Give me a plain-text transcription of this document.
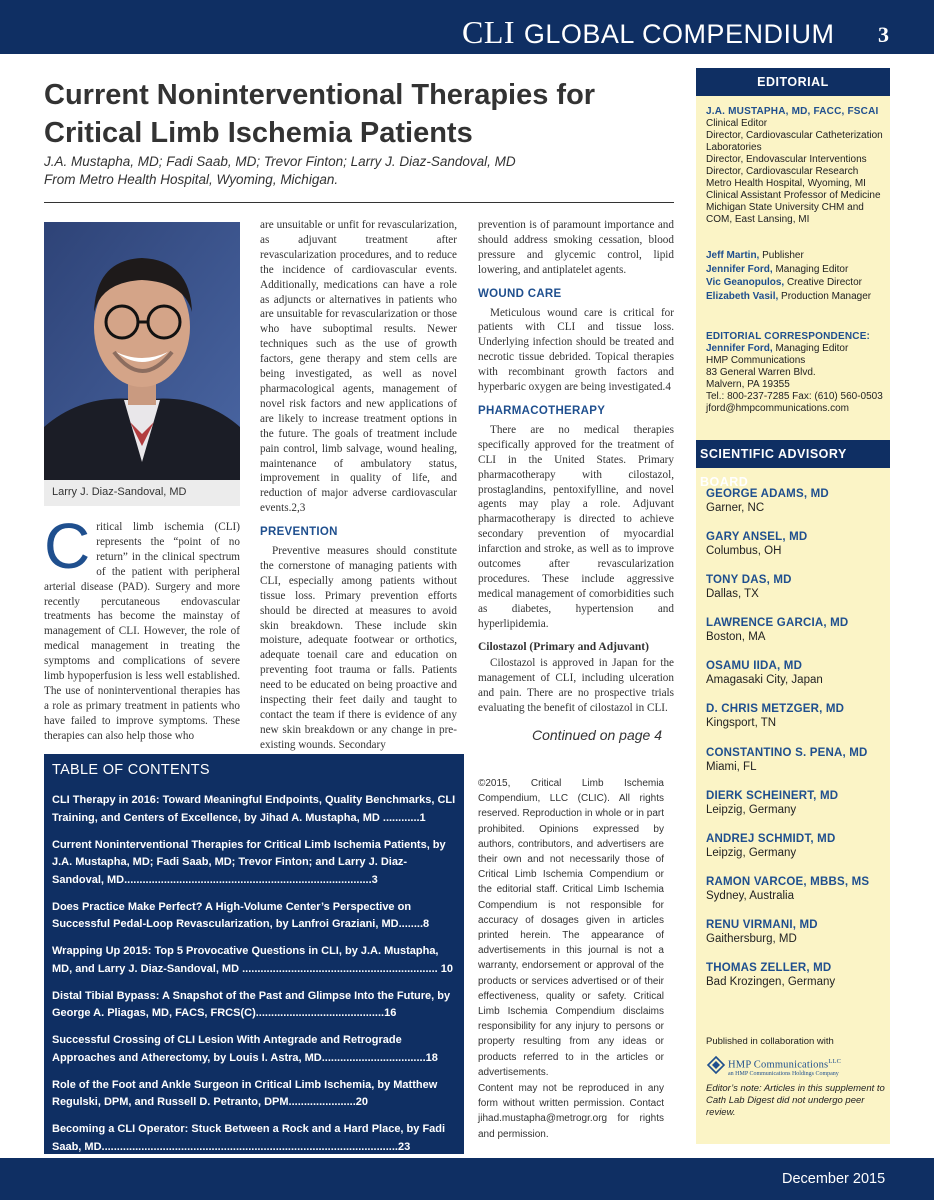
CLI GLOBAL COMPENDIUM 3
Current Noninterventional Therapies for Critical Limb Ischemia Patients
J.A. Mustapha, MD; Fadi Saab, MD; Trevor Finton; Larry J. Diaz-Sandoval, MD
From Metro Health Hospital, Wyoming, Michigan.
Larry J. Diaz-Sandoval, MD
C ritical limb ischemia (CLI) represents the “point of no return” in the clinical spectrum of the patient with peripheral arterial disease (PAD). Surgery and more recently percutaneous endovascular treatments has become the mainstay of management of CLI. However, the role of medical management in treating the symptoms and complications of severe limb hypoperfusion is less well established. The use of noninterventional therapies has a role as primary treatment in patients who have failed to improve symptoms. These therapies can also help those who

are unsuitable or unfit for revascularization, as adjuvant treatment after revascularization procedures, and to reduce the incidence of cardiovascular events. Additionally, medications can have a role as adjuncts or alternatives in patients who are unsuitable for revascularization or those who have suboptimal results. Newer techniques such as the use of growth factors, gene therapy and stem cells are being investigated, as well as novel pharmacological agents, management of novel risk factors and new applications of are likely to increase treatment options in the future. The goals of treatment include pain control, limb salvage, wound healing, maintenance of ambulatory status, improvement in quality of life, and reduction of major adverse cardiovascular events.2,3

PREVENTION

Preventive measures should constitute the cornerstone of managing patients with CLI, especially among patients without tissue loss. Primary prevention efforts should be directed at measures to avoid skin breakdown. These include skin moisture, adequate footwear or orthotics, adequate toenail care and education on preventing foot trauma or falls. Patients need to be educated on being proactive and inspecting their feet daily and taught to contact the team if there is evidence of any new skin breakdown or any change in pre-existing wounds. Secondary

prevention is of paramount importance and should address smoking cessation, blood pressure and glycemic control, lipid lowering, and antiplatelet agents.

WOUND CARE

Meticulous wound care is critical for patients with CLI and tissue loss. Underlying infection should be treated and necrotic tissue debrided. Topical therapies with recombinant growth factors and hyperbaric oxygen are being investigated.4

PHARMACOTHERAPY

There are no medical therapies specifically approved for the treatment of CLI in the United States. Primary pharmacotherapy with cilostazol, prostaglandins, pentoxifylline, and novel agents may play a role. Adjuvant pharmacotherapy is directed to achieve secondary prevention of myocardial infarction and stroke, as well as to improve outcomes after revascularization procedures. These include aggressive medical management of comorbidities such as diabetes, hypertension and hyperlipidemia.

Cilostazol (Primary and Adjuvant)

Cilostazol is approved in Japan for the management of CLI, including ulceration and pain. There are no prospective trials evaluating the benefit of cilostazol in CLI.

Continued on page 4
TABLE OF CONTENTS
CLI Therapy in 2016: Toward Meaningful Endpoints, Quality Benchmarks, CLI Training, and Centers of Excellence, by Jihad A. Mustapha, MD ............1
Current Noninterventional Therapies for Critical Limb Ischemia Patients, by J.A. Mustapha, MD; Fadi Saab, MD; Trevor Finton; and Larry J. Diaz-Sandoval, MD.................................................................................3
Does Practice Make Perfect? A High-Volume Center’s Perspective on Successful Pedal-Loop Revascularization, by Lanfroi Graziani, MD........8
Wrapping Up 2015: Top 5 Provocative Questions in CLI, by J.A. Mustapha, MD, and Larry J. Diaz-Sandoval, MD ................................................................ 10
Distal Tibial Bypass: A Snapshot of the Past and Glimpse Into the Future, by George A. Pliagas, MD, FACS, FRCS(C)..........................................16
Successful Crossing of CLI Lesion With Antegrade and Retrograde Approaches and Atherectomy, by Louis I. Astra, MD..................................18
Role of the Foot and Ankle Surgeon in Critical Limb Ischemia, by Matthew Regulski, DPM, and Russell D. Petranto, DPM......................20
Becoming a CLI Operator: Stuck Between a Rock and a Hard Place, by Fadi Saab, MD.................................................................................................23
©2015, Critical Limb Ischemia Compendium, LLC (CLIC). All rights reserved. Reproduction in whole or in part prohibited. Opinions expressed by authors, contributors, and advertisers are their own and not necessarily those of Critical Limb Ischemia Compendium or the editorial staff. Critical Limb Ischemia Compendium is not responsible for accuracy of dosages given in articles printed herein. The appearance of advertisements in this journal is not a warranty, endorsement or approval of the products or services advertised or of their effectiveness, quality or safety. Critical Limb Ischemia Compendium disclaims responsibility for any injury to persons or property resulting from any ideas or products referred to in the articles or advertisements.
Content may not be reproduced in any form without written permission. Contact jihad.mustapha@metrogr.org for rights and permission.
EDITORIAL
J.A. MUSTAPHA, MD, FACC, FSCAI
Clinical Editor
Director, Cardiovascular Catheterization Laboratories
Director, Endovascular Interventions
Director, Cardiovascular Research
Metro Health Hospital, Wyoming, MI
Clinical Assistant Professor of Medicine
Michigan State University CHM and COM, East Lansing, MI
Jeff Martin, Publisher
Jennifer Ford, Managing Editor
Vic Geanopulos, Creative Director
Elizabeth Vasil, Production Manager
EDITORIAL CORRESPONDENCE:
Jennifer Ford, Managing Editor
HMP Communications
83 General Warren Blvd.
Malvern, PA 19355
Tel.: 800-237-7285 Fax: (610) 560-0503
jford@hmpcommunications.com
SCIENTIFIC ADVISORY BOARD
GEORGE ADAMS, MD
Garner, NC
GARY ANSEL, MD
Columbus, OH
TONY DAS, MD
Dallas, TX
LAWRENCE GARCIA, MD
Boston, MA
OSAMU IIDA, MD
Amagasaki City, Japan
D. CHRIS METZGER, MD
Kingsport, TN
CONSTANTINO S. PENA, MD
Miami, FL
DIERK SCHEINERT, MD
Leipzig, Germany
ANDREJ SCHMIDT, MD
Leipzig, Germany
RAMON VARCOE, MBBS, MS
Sydney, Australia
RENU VIRMANI, MD
Gaithersburg, MD
THOMAS ZELLER, MD
Bad Krozingen, Germany
Published in collaboration with
HMP Communications$^{LLC}$
an HMP Communications Holdings Company
Editor’s note: Articles in this supplement to Cath Lab Digest did not undergo peer review.
December 2015
